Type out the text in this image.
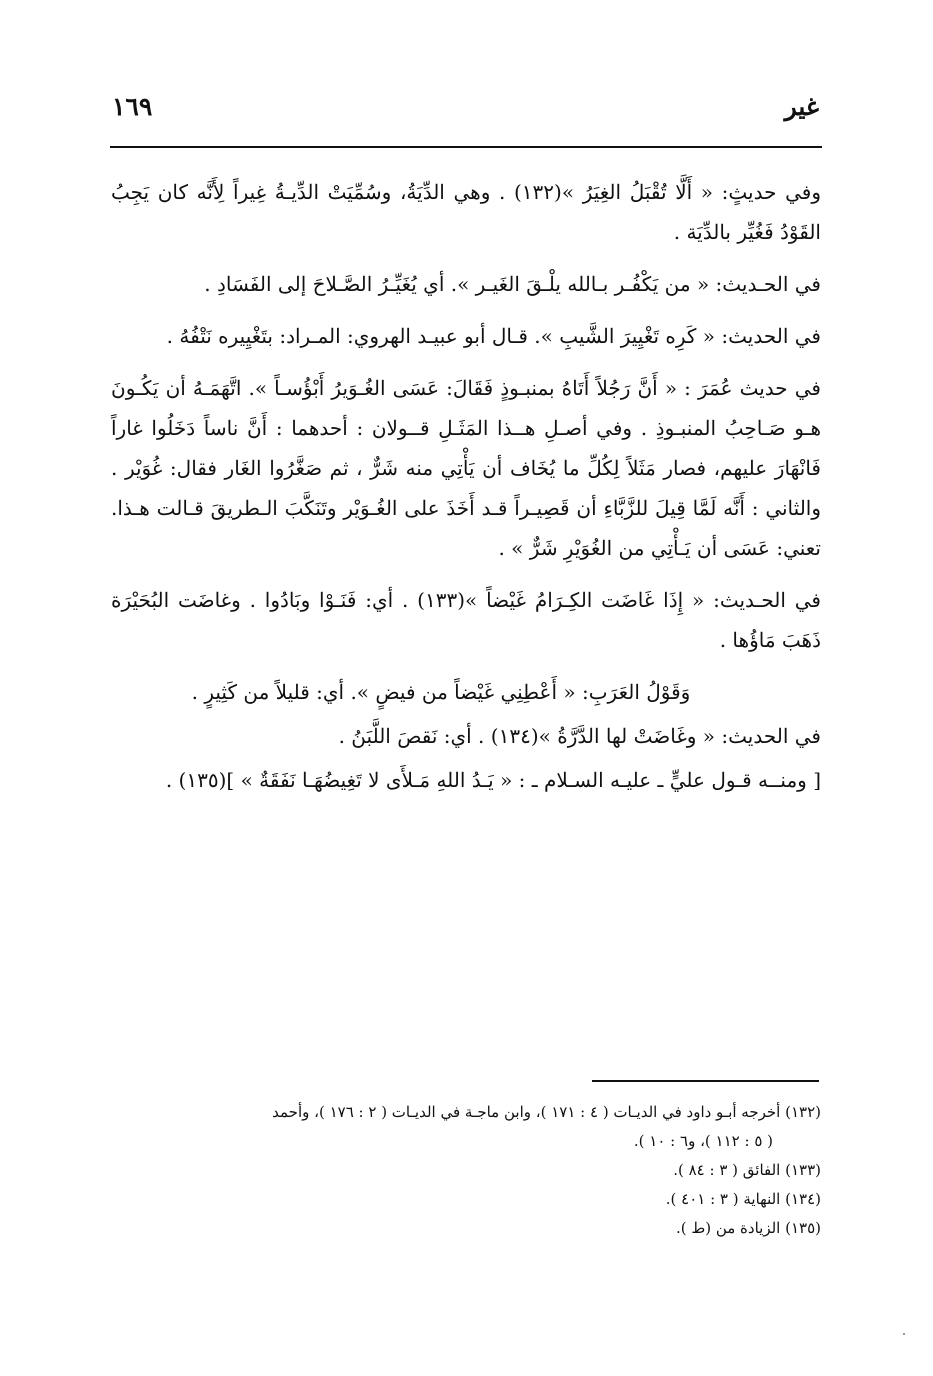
غير
١٦٩

وفي حديثٍ: « أَلَّا تُقْبَلُ الغِيَرُ »(١٣٢) . وهي الدِّيَةُ، وسُمِّيَتْ الدِّيـةُ غِيراً لِأَنَّه كان يَجِبُ القَوْدُ فَغُيِّر بالدِّيَة .

في الحـديث: « من يَكْفُـر بـالله يلْـقَ الغَيـر ». أي يُغَيِّـرُ الصَّـلاحَ إلى الفَسَادِ .

في الحديث: « كَرِه تَغْيِيرَ الشَّيبِ ». قـال أبو عبيـد الهروي: المـراد: بتَغْيِيره نَتْفُهُ .

في حديث عُمَرَ : « أَنَّ رَجُلاً أَتَاهُ بمنبـوذٍ فَقَالَ: عَسَى الغُـوَيرُ أَبْؤُسـاً ». اتَّهَمَـهُ أن يَكُـونَ هـو صَـاحِبُ المنبـوذِ . وفي أصـلِ هــذا المَثَـلِ قــولان : أحدهما : أَنَّ ناساً دَخَلُوا غاراً فَانْهَارَ عليهم، فصار مَثَلاً لِكُلِّ ما يُخَاف أن يَأْتِي منه شَرٌّ ، ثم صَغَّرُوا الغَار فقال: غُوَيْر . والثاني : أَنَّه لَمَّا قِيلَ للزَّبَّاءِ أن قَصِيـراً قـد أَخَذَ على الغُـوَيْر وتَنَكَّبَ الـطريقَ قـالت هـذا. تعني: عَسَى أن يَـأْتِي من الغُوَيْرِ شَرٌّ » .

في الحـديث: « إِذَا غَاضَت الكِـرَامُ غَيْضاً »(١٣٣) . أي: فَنَـوْا وبَادُوا . وغاضَت البُحَيْرَة ذَهَبَ مَاؤُها .

وَقَوْلُ العَرَبِ: « أَعْطِنِي غَيْضاً من فيضٍ ». أي: قليلاً من كَثِيرٍ .

في الحديث: « وغَاضَتْ لها الدَّرَّةُ »(١٣٤) . أي: نَقصَ اللَّبَنُ .

[ ومنــه قـول عليٍّ ـ عليـه السـلام ـ : « يَـدُ اللهِ مَـلأَى لا تَغِيضُهَـا نَفَقَةٌ » ](١٣٥) .

(١٣٢) أخرجه أبـو داود في الديـات ( ٤ : ١٧١ )، وابن ماجـة في الديـات ( ٢ : ١٧٦ )، وأحمد
( ٥ : ١١٢ )، و٦ : ١٠ ).

(١٣٣) الفائق ( ٣ : ٨٤ ).

(١٣٤) النهاية ( ٣ : ٤٠١ ).

(١٣٥) الزيادة من (ط ).
